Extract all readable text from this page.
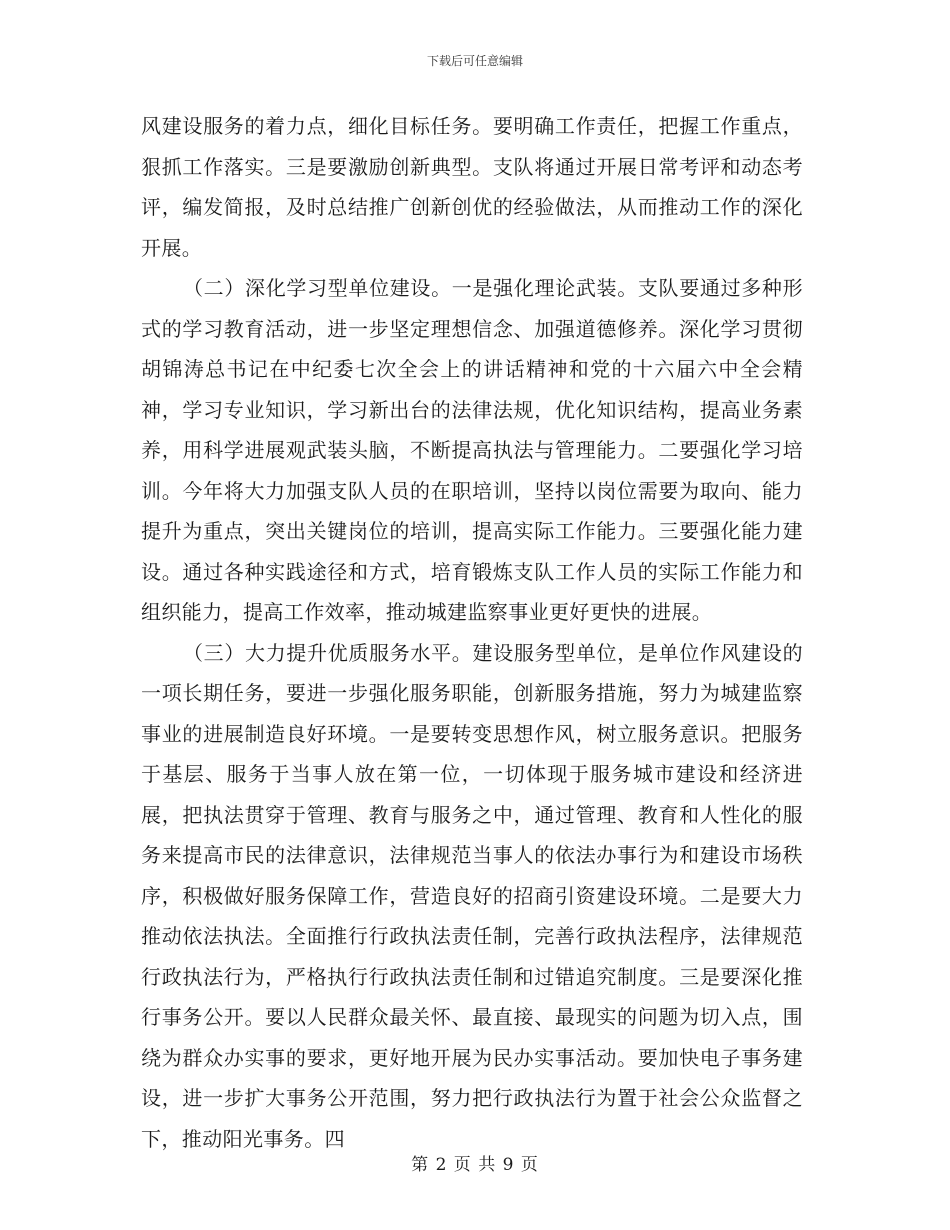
下载后可任意编辑

风建设服务的着力点，细化目标任务。要明确工作责任，把握工作重点，狠抓工作落实。三是要激励创新典型。支队将通过开展日常考评和动态考评，编发简报，及时总结推广创新创优的经验做法，从而推动工作的深化开展。

（二）深化学习型单位建设。一是强化理论武装。支队要通过多种形式的学习教育活动，进一步坚定理想信念、加强道德修养。深化学习贯彻胡锦涛总书记在中纪委七次全会上的讲话精神和党的十六届六中全会精神，学习专业知识，学习新出台的法律法规，优化知识结构，提高业务素养，用科学进展观武装头脑，不断提高执法与管理能力。二要强化学习培训。今年将大力加强支队人员的在职培训，坚持以岗位需要为取向、能力提升为重点，突出关键岗位的培训，提高实际工作能力。三要强化能力建设。通过各种实践途径和方式，培育锻炼支队工作人员的实际工作能力和组织能力，提高工作效率，推动城建监察事业更好更快的进展。

（三）大力提升优质服务水平。建设服务型单位，是单位作风建设的一项长期任务，要进一步强化服务职能，创新服务措施，努力为城建监察事业的进展制造良好环境。一是要转变思想作风，树立服务意识。把服务于基层、服务于当事人放在第一位，一切体现于服务城市建设和经济进展，把执法贯穿于管理、教育与服务之中，通过管理、教育和人性化的服务来提高市民的法律意识，法律规范当事人的依法办事行为和建设市场秩序，积极做好服务保障工作，营造良好的招商引资建设环境。二是要大力推动依法执法。全面推行行政执法责任制，完善行政执法程序，法律规范行政执法行为，严格执行行政执法责任制和过错追究制度。三是要深化推行事务公开。要以人民群众最关怀、最直接、最现实的问题为切入点，围绕为群众办实事的要求，更好地开展为民办实事活动。要加快电子事务建设，进一步扩大事务公开范围，努力把行政执法行为置于社会公众监督之下，推动阳光事务。四

第 2 页 共 9 页
